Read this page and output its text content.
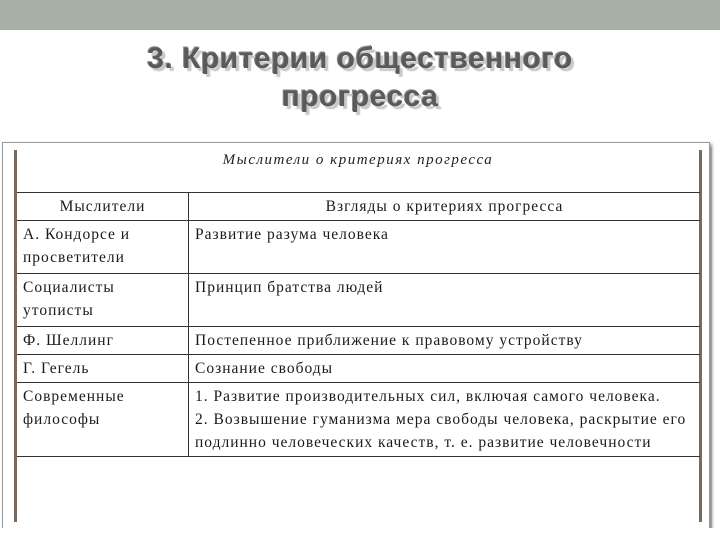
3. Критерии общественного
прогресса
Мыслители о критериях прогресса
Мыслители	Взгляды о критериях прогресса
А. Кондорсе и просветители	Развитие разума человека

Социалисты утописты	Принцип братства людей

Ф. Шеллинг	Постепенное приближение к правовому устройству

Г. Гегель	Сознание свободы

Современные философы	1. Развитие производительных сил, включая самого человека.
2. Возвышение гуманизма мера свободы человека, раскрытие его подлинно человеческих качеств, т. е. развитие человечности
